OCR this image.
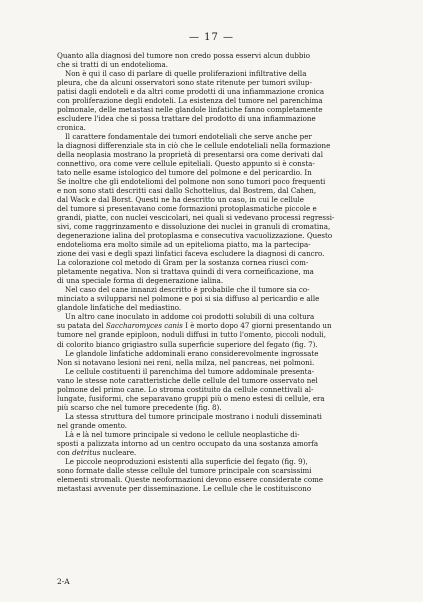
— 17 —
Quanto alla diagnosi del tumore non credo possa esservi alcun dubbio
che si tratti di un endotelioma.
Non è qui il caso di parlare di quelle proliferazioni infiltrative della
pleura, che da alcuni osservatori sono state ritenute per tumori svilup-
patisi dagli endoteli e da altri come prodotti di una infiammazione cronica
con proliferazione degli endoteli. La esistenza del tumore nel parenchima
polmonale, delle metastasi nelle glandole linfatiche fanno completamente
escludere l'idea che si possa trattare del prodotto di una infiammazione
cronica.
Il carattere fondamentale dei tumori endoteliali che serve anche per
la diagnosi differenziale sta in ciò che le cellule endoteliali nella formazione
della neoplasia mostrano la proprietà di presentarsi ora come derivati dal
connettivo, ora come vere cellule epiteliali. Questo appunto si è consta-
tato nelle esame istologico del tumore del polmone e del pericardio. In
Se inoltre che gli endoteliomi del polmone non sono tumori poco frequenti
e non sono stati descritti casi dallo Schottelius, dal Bostrem, dal Cahen,
dal Wack e dal Borst. Questi ne ha descritto un caso, in cui le cellule
del tumore si presentavano come formazioni protoplasmatiche piccole e
grandi, piatte, con nuclei vescicolari, nei quali si vedevano processi regressi-
sivi, come raggrinzamento e dissoluzione dei nuclei in granuli di cromatina,
degenerazione ialina del protoplasma e consecutiva vacuolizzazione. Questo
endotelioma era molto simile ad un epitelioma piatto, ma la partecipa-
zione dei vasi e degli spazi linfatici faceva escludere la diagnosi di cancro.
La colorazione col metodo di Gram per la sostanza cornea riuscì com-
pletamente negativa. Non si trattava quindi di vera corneificazione, ma
di una speciale forma di degenerazione ialina.
Nel caso del cane innanzi descritto è probabile che il tumore sia co-
minciato a svilupparsi nel polmone e poi si sia diffuso al pericardio e alle
glandole linfatiche del mediastino.
Un altro cane inoculato in addome coi prodotti solubili di una coltura
su patata del Saccharomyces canis I è morto dopo 47 giorni presentando un
tumore nel grande epiploon, noduli diffusi in tutto l'omento, piccoli noduli,
di colorito bianco grigiastro sulla superficie superiore del fegato (fig. 7).
Le glandole linfatiche addominali erano considerevolmente ingrossate
Non si notavano lesioni nei reni, nella milza, nel pancreas, nei polmoni.
Le cellule costituenti il parenchima del tumore addominale presenta-
vano le stesse note caratteristiche delle cellule del tumore osservato nel
polmone del primo cane. Lo stroma costituito da cellule connettivali al-
lungate, fusiformi, che separavano gruppi più o meno estesi di cellule, era
più scarso che nel tumore precedente (fig. 8).
La stessa struttura del tumore principale mostrano i noduli disseminati
nel grande omento.
Là e là nel tumore principale si vedono le cellule neoplastiche di-
sposti a palizzata intorno ad un centro occupato da una sostanza amorfa
con detritus nucleare.
Le piccole neoproduzioni esistenti alla superficie del fegato (fig. 9),
sono formate dalle stesse cellule del tumore principale con scarsissimi
elementi stromali. Queste neoformazioni devono essere considerate come
metastasi avvenute per disseminazione. Le cellule che le costituiscono
2-A
